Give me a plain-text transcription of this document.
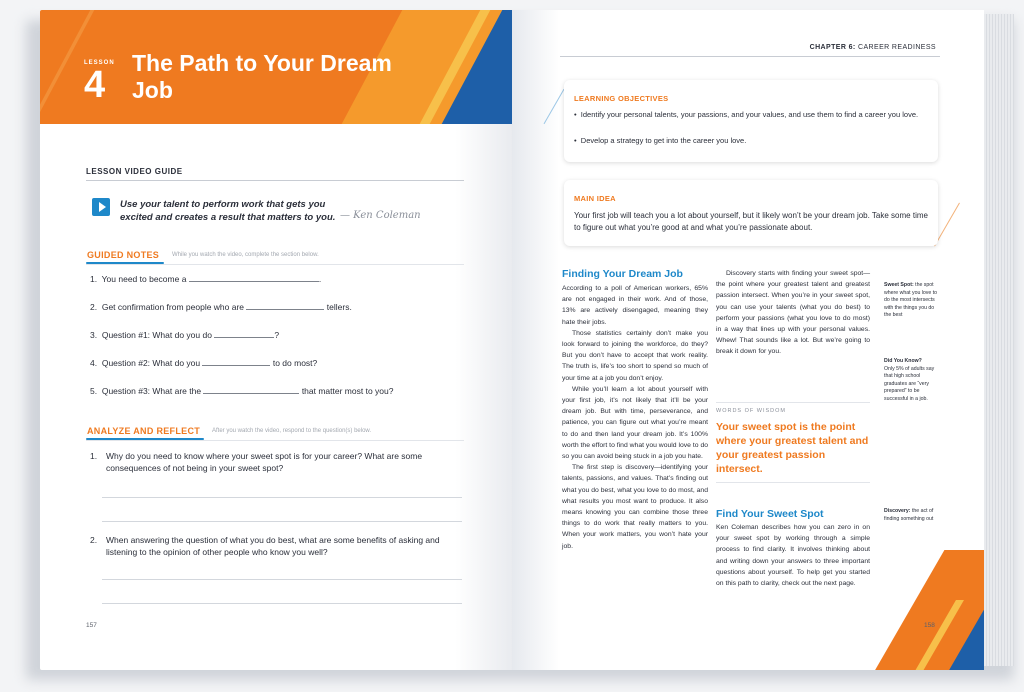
LESSON
4
The Path to Your Dream Job
LESSON VIDEO GUIDE
Use your talent to perform work that gets you excited and creates a result that matters to you. — Ken Coleman
GUIDED NOTES While you watch the video, complete the section below.
1. You need to become a	.
2. Get confirmation from people who are	tellers.
3. Question #1: What do you do	?
4. Question #2: What do you	to do most?
5. Question #3: What are the	that matter most to you?
ANALYZE AND REFLECT After you watch the video, respond to the question(s) below.
1.	Why do you need to know where your sweet spot is for your career? What are some consequences of not being in your sweet spot?
2.	When answering the question of what you do best, what are some benefits of asking and listening to the opinion of other people who know you well?
157
CHAPTER 6: CAREER READINESS
LEARNING OBJECTIVES
•  Identify your personal talents, your passions, and your values, and use them to find a career you love.
•  Develop a strategy to get into the career you love.
MAIN IDEA
Your first job will teach you a lot about yourself, but it likely won’t be your dream job. Take some time to figure out what you’re good at and what you’re passionate about.
Finding Your Dream Job

According to a poll of American workers, 65% are not engaged in their work. And of those, 13% are actively disengaged, meaning they hate their jobs.

Those statistics certainly don’t make you look forward to joining the workforce, do they? But you don’t have to accept that work reality. The truth is, life’s too short to spend so much of your time at a job you don’t enjoy.

While you’ll learn a lot about yourself with your first job, it’s not likely that it’ll be your dream job. But with time, perseverance, and patience, you can figure out what you’re meant to do and then land your dream job. It’s 100% worth the effort to find what you would love to do so you can avoid being stuck in a job you hate.

The first step is discovery—identifying your talents, passions, and values. That’s finding out what you do best, what you love to do most, and what results you most want to produce. It also means knowing you can combine those three things to do work that really matters to you. When your work matters, you won’t hate your job.

Discovery starts with finding your sweet spot—the point where your greatest talent and greatest passion intersect. When you’re in your sweet spot, you can use your talents (what you do best) to perform your passions (what you love to do most) in a way that lines up with your personal values. Whew! That sounds like a lot. But we’re going to break it down for you.

WORDS OF WISDOM
Your sweet spot is the point where your greatest talent and your greatest passion intersect.
Find Your Sweet Spot

Ken Coleman describes how you can zero in on your sweet spot by working through a simple process to find clarity. It involves thinking about and writing down your answers to three important questions about yourself. To help get you started on this path to clarity, check out the next page.

Sweet Spot: the spot where what you love to do the most intersects with the things you do the best
Did You Know?
Only 5% of adults say that high school graduates are “very prepared” to be successful in a job.
Discovery: the act of finding something out
158
